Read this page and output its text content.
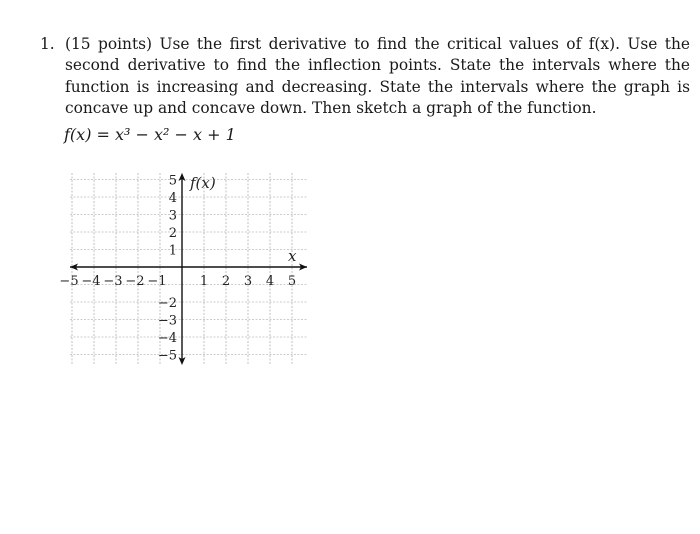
1. (15 points) Use the first derivative to find the critical values of f(x). Use the second derivative to find the inflection points. State the intervals where the function is increasing and decreasing. State the intervals where the graph is concave up and concave down. Then sketch a graph of the function.
f(x) = x³ − x² − x + 1
−5 −4 −3 −2 −1	1 2 3 4 5
5
4
3
2
1
−2
−3
−4
−5
x
f(x)
